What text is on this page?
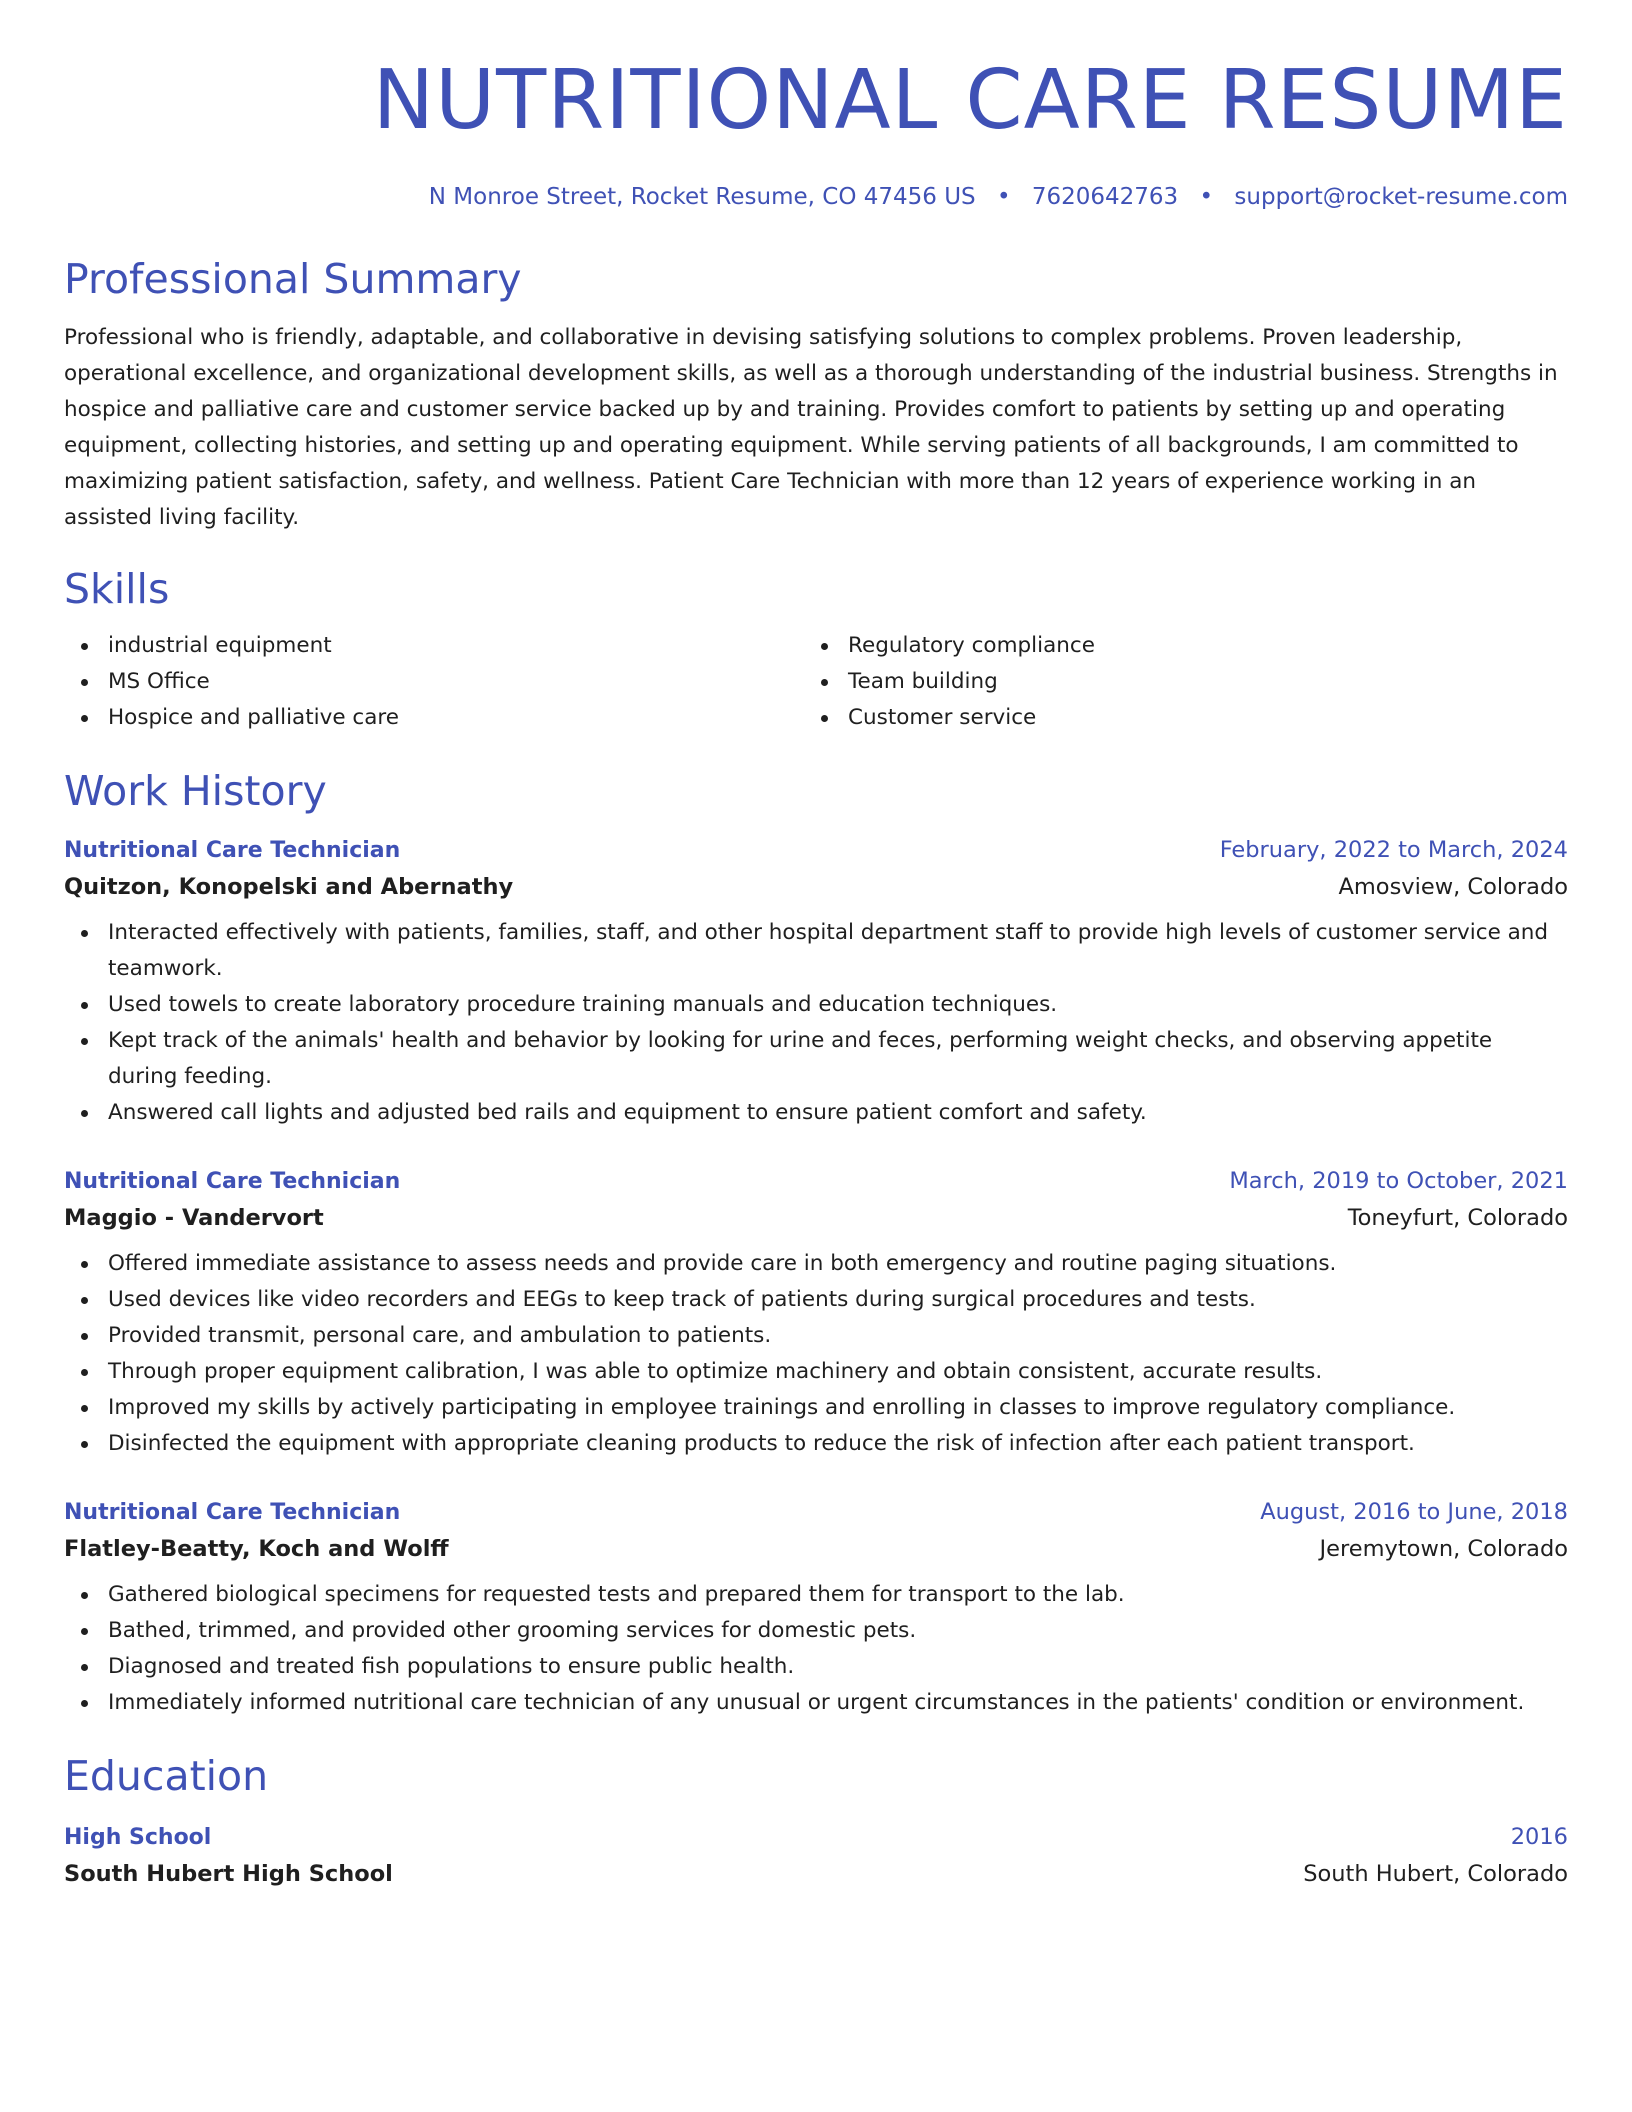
NUTRITIONAL CARE RESUME
N Monroe Street, Rocket Resume, CO 47456 US • 7620642763 • support@rocket-resume.com
Professional Summary
Professional who is friendly, adaptable, and collaborative in devising satisfying solutions to complex problems. Proven leadership, operational excellence, and organizational development skills, as well as a thorough understanding of the industrial business. Strengths in hospice and palliative care and customer service backed up by and training. Provides comfort to patients by setting up and operating equipment, collecting histories, and setting up and operating equipment. While serving patients of all backgrounds, I am committed to maximizing patient satisfaction, safety, and wellness. Patient Care Technician with more than 12 years of experience working in an assisted living facility.
Skills
industrial equipment
MS Office
Hospice and palliative care
Regulatory compliance
Team building
Customer service
Work History
Nutritional Care Technician	February, 2022 to March, 2024
Quitzon, Konopelski and Abernathy	Amosview, Colorado
Interacted effectively with patients, families, staff, and other hospital department staff to provide high levels of customer service and teamwork.
Used towels to create laboratory procedure training manuals and education techniques.
Kept track of the animals' health and behavior by looking for urine and feces, performing weight checks, and observing appetite during feeding.
Answered call lights and adjusted bed rails and equipment to ensure patient comfort and safety.
Nutritional Care Technician	March, 2019 to October, 2021
Maggio - Vandervort	Toneyfurt, Colorado
Offered immediate assistance to assess needs and provide care in both emergency and routine paging situations.
Used devices like video recorders and EEGs to keep track of patients during surgical procedures and tests.
Provided transmit, personal care, and ambulation to patients.
Through proper equipment calibration, I was able to optimize machinery and obtain consistent, accurate results.
Improved my skills by actively participating in employee trainings and enrolling in classes to improve regulatory compliance.
Disinfected the equipment with appropriate cleaning products to reduce the risk of infection after each patient transport.
Nutritional Care Technician	August, 2016 to June, 2018
Flatley-Beatty, Koch and Wolff	Jeremytown, Colorado
Gathered biological specimens for requested tests and prepared them for transport to the lab.
Bathed, trimmed, and provided other grooming services for domestic pets.
Diagnosed and treated fish populations to ensure public health.
Immediately informed nutritional care technician of any unusual or urgent circumstances in the patients' condition or environment.
Education
High School	2016
South Hubert High School	South Hubert, Colorado
